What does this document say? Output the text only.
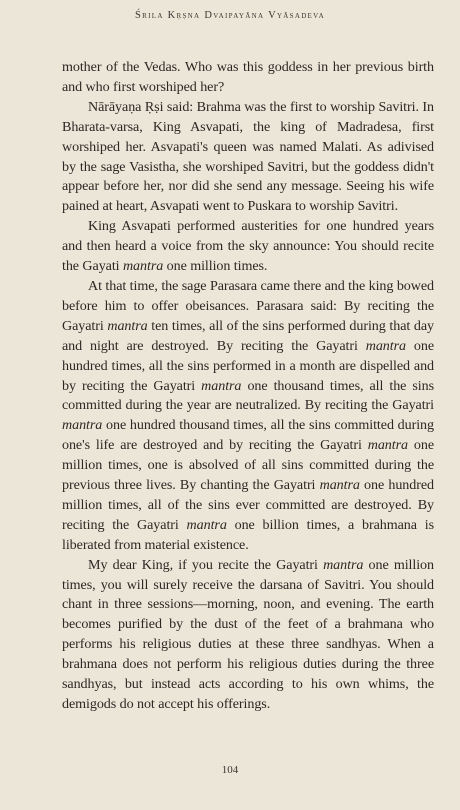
Śrila Kṛṣna Dvaipayāna Vyāsadeva

mother of the Vedas. Who was this goddess in her previous birth and who first worshiped her?

Nārāyaṇa Ṛṣi said: Brahma was the first to worship Savitri. In Bharata-varsa, King Asvapati, the king of Madradesa, first worshiped her. Asvapati's queen was named Malati. As adivised by the sage Vasistha, she worshiped Savitri, but the goddess didn't appear before her, nor did she send any message. Seeing his wife pained at heart, Asvapati went to Puskara to worship Savitri.

King Asvapati performed austerities for one hundred years and then heard a voice from the sky announce: You should recite the Gayati mantra one million times.

At that time, the sage Parasara came there and the king bowed before him to offer obeisances. Parasara said: By reciting the Gayatri mantra ten times, all of the sins performed during that day and night are destroyed. By reciting the Gayatri mantra one hundred times, all the sins performed in a month are dispelled and by reciting the Gayatri mantra one thousand times, all the sins committed during the year are neutralized. By reciting the Gayatri mantra one hundred thousand times, all the sins committed during one's life are destroyed and by reciting the Gayatri mantra one million times, one is absolved of all sins committed during the previous three lives. By chanting the Gayatri mantra one hundred million times, all of the sins ever committed are destroyed. By reciting the Gayatri mantra one billion times, a brahmana is liberated from material existence.

My dear King, if you recite the Gayatri mantra one million times, you will surely receive the darsana of Savitri. You should chant in three sessions—morning, noon, and evening. The earth becomes purified by the dust of the feet of a brahmana who performs his religious duties at these three sandhyas. When a brahmana does not perform his religious duties during the three sandhyas, but instead acts according to his own whims, the demigods do not accept his offerings.

104
